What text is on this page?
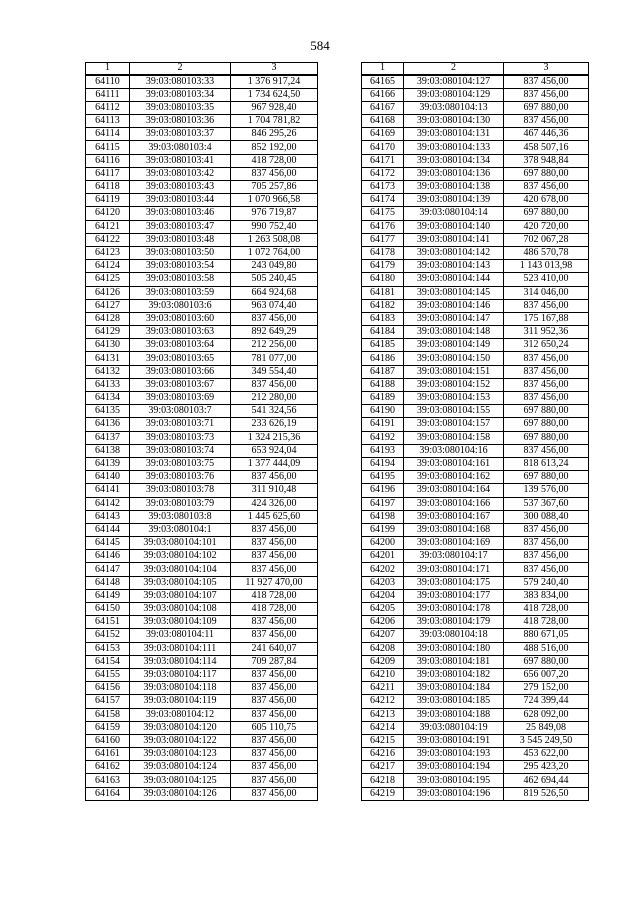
584
1	2	3
64110	39:03:080103:33	1 376 917,24
64111	39:03:080103:34	1 734 624,50
64112	39:03:080103:35	967 928,40
64113	39:03:080103:36	1 704 781,82
64114	39:03:080103:37	846 295,26
64115	39:03:080103:4	852 192,00
64116	39:03:080103:41	418 728,00
64117	39:03:080103:42	837 456,00
64118	39:03:080103:43	705 257,86
64119	39:03:080103:44	1 070 966,58
64120	39:03:080103:46	976 719,87
64121	39:03:080103:47	990 752,40
64122	39:03:080103:48	1 263 508,08
64123	39:03:080103:50	1 072 764,00
64124	39:03:080103:54	243 049,80
64125	39:03:080103:58	505 240,45
64126	39:03:080103:59	664 924,68
64127	39:03:080103:6	963 074,40
64128	39:03:080103:60	837 456,00
64129	39:03:080103:63	892 649,29
64130	39:03:080103:64	212 256,00
64131	39:03:080103:65	781 077,00
64132	39:03:080103:66	349 554,40
64133	39:03:080103:67	837 456,00
64134	39:03:080103:69	212 280,00
64135	39:03:080103:7	541 324,56
64136	39:03:080103:71	233 626,19
64137	39:03:080103:73	1 324 215,36
64138	39:03:080103:74	653 924,04
64139	39:03:080103:75	1 377 444,09
64140	39:03:080103:76	837 456,00
64141	39:03:080103:78	311 910,48
64142	39:03:080103:79	424 326,00
64143	39:03:080103:8	1 445 625,60
64144	39:03:080104:1	837 456,00
64145	39:03:080104:101	837 456,00
64146	39:03:080104:102	837 456,00
64147	39:03:080104:104	837 456,00
64148	39:03:080104:105	11 927 470,00
64149	39:03:080104:107	418 728,00
64150	39:03:080104:108	418 728,00
64151	39:03:080104:109	837 456,00
64152	39:03:080104:11	837 456,00
64153	39:03:080104:111	241 640,07
64154	39:03:080104:114	709 287,84
64155	39:03:080104:117	837 456,00
64156	39:03:080104:118	837 456,00
64157	39:03:080104:119	837 456,00
64158	39:03:080104:12	837 456,00
64159	39:03:080104:120	605 110,75
64160	39:03:080104:122	837 456,00
64161	39:03:080104:123	837 456,00
64162	39:03:080104:124	837 456,00
64163	39:03:080104:125	837 456,00
64164	39:03:080104:126	837 456,00
1	2	3
64165	39:03:080104:127	837 456,00
64166	39:03:080104:129	837 456,00
64167	39:03:080104:13	697 880,00
64168	39:03:080104:130	837 456,00
64169	39:03:080104:131	467 446,36
64170	39:03:080104:133	458 507,16
64171	39:03:080104:134	378 948,84
64172	39:03:080104:136	697 880,00
64173	39:03:080104:138	837 456,00
64174	39:03:080104:139	420 678,00
64175	39:03:080104:14	697 880,00
64176	39:03:080104:140	420 720,00
64177	39:03:080104:141	702 067,28
64178	39:03:080104:142	486 570,78
64179	39:03:080104:143	1 143 013,98
64180	39:03:080104:144	523 410,00
64181	39:03:080104:145	314 046,00
64182	39:03:080104:146	837 456,00
64183	39:03:080104:147	175 167,88
64184	39:03:080104:148	311 952,36
64185	39:03:080104:149	312 650,24
64186	39:03:080104:150	837 456,00
64187	39:03:080104:151	837 456,00
64188	39:03:080104:152	837 456,00
64189	39:03:080104:153	837 456,00
64190	39:03:080104:155	697 880,00
64191	39:03:080104:157	697 880,00
64192	39:03:080104:158	697 880,00
64193	39:03:080104:16	837 456,00
64194	39:03:080104:161	818 613,24
64195	39:03:080104:162	697 880,00
64196	39:03:080104:164	139 576,00
64197	39:03:080104:166	537 367,60
64198	39:03:080104:167	300 088,40
64199	39:03:080104:168	837 456,00
64200	39:03:080104:169	837 456,00
64201	39:03:080104:17	837 456,00
64202	39:03:080104:171	837 456,00
64203	39:03:080104:175	579 240,40
64204	39:03:080104:177	383 834,00
64205	39:03:080104:178	418 728,00
64206	39:03:080104:179	418 728,00
64207	39:03:080104:18	880 671,05
64208	39:03:080104:180	488 516,00
64209	39:03:080104:181	697 880,00
64210	39:03:080104:182	656 007,20
64211	39:03:080104:184	279 152,00
64212	39:03:080104:185	724 399,44
64213	39:03:080104:188	628 092,00
64214	39:03:080104:19	25 849,08
64215	39:03:080104:191	3 545 249,50
64216	39:03:080104:193	453 622,00
64217	39:03:080104:194	295 423,20
64218	39:03:080104:195	462 694,44
64219	39:03:080104:196	819 526,50
